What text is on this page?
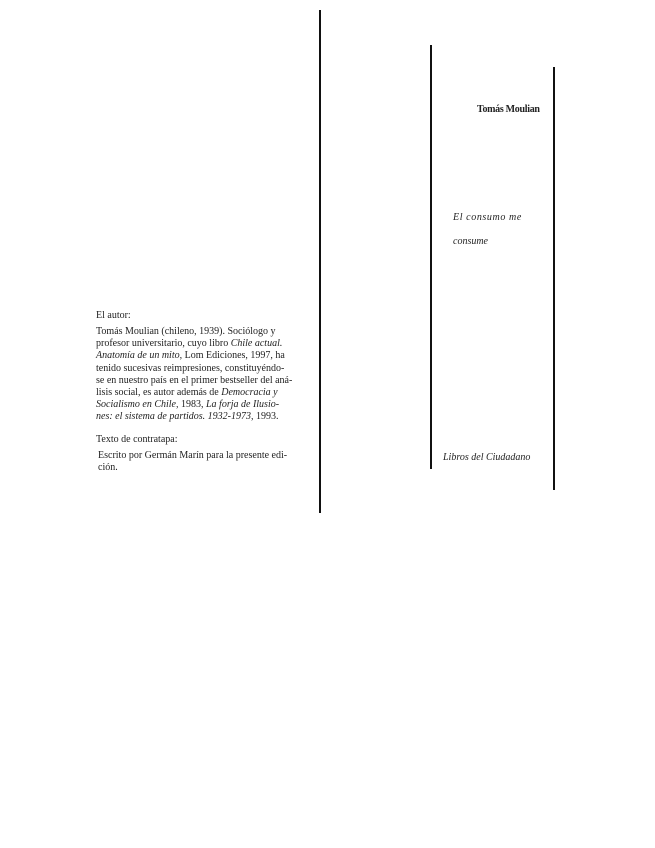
El autor:
Tomás Moulian (chileno, 1939). Sociólogo y
profesor universitario, cuyo libro Chile actual.
Anatomía de un mito, Lom Ediciones, 1997, ha
tenido sucesivas reimpresiones, constituyéndo-
se en nuestro país en el primer bestseller del aná-
lisis social, es autor además de Democracia y
Socialismo en Chile, 1983, La forja de Ilusio-
nes: el sistema de partidos. 1932-1973, 1993.
Texto de contratapa:
Escrito por Germán Marín para la presente edi-
ción.
Tomás Moulian
El consumo me
consume
Libros del Ciudadano
